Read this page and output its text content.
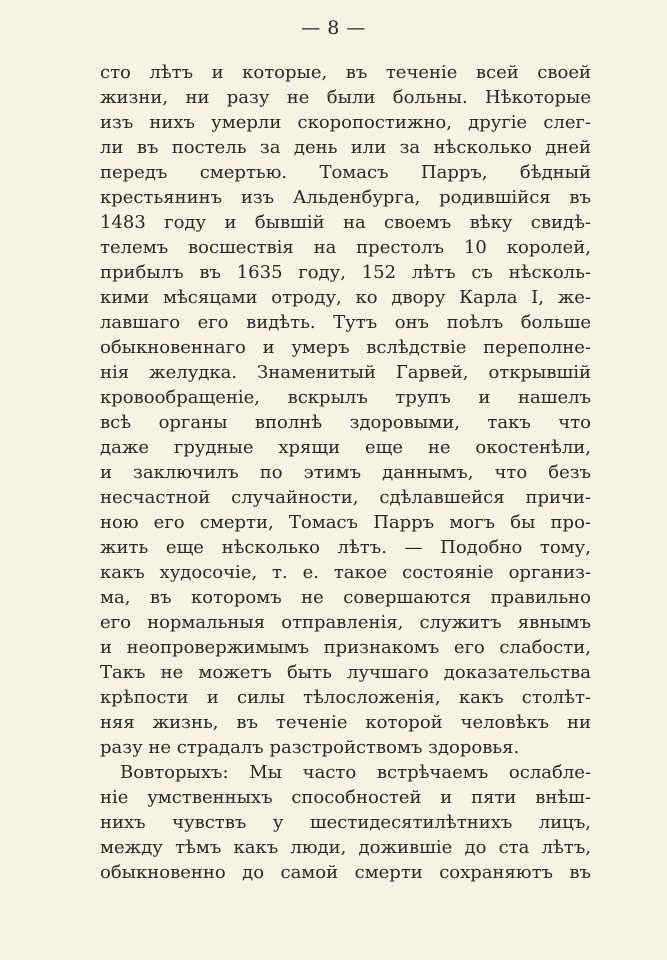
— 8 —
сто лѣтъ и которые, въ теченіе всей своей
жизни, ни разу не были больны. Нѣкоторые
изъ нихъ умерли скоропостижно, другіе слег-
ли въ постель за день или за нѣсколько дней
передъ смертью. Томасъ Парръ, бѣдный
крестьянинъ изъ Альденбурга, родившійся въ
1483 году и бывшій на своемъ вѣку свидѣ-
телемъ восшествія на престолъ 10 королей,
прибылъ въ 1635 году, 152 лѣтъ съ нѣсколь-
кими мѣсяцами отроду, ко двору Карла I, же-
лавшаго его видѣть. Тутъ онъ поѣлъ больше
обыкновеннаго и умеръ вслѣдствіе переполне-
нія желудка. Знаменитый Гарвей, открывшій
кровообращеніе, вскрылъ трупъ и нашелъ
всѣ органы вполнѣ здоровыми, такъ что
даже грудные хрящи еще не окостенѣли,
и заключилъ по этимъ даннымъ, что безъ
несчастной случайности, сдѣлавшейся причи-
ною его смерти, Томасъ Парръ могъ бы про-
жить еще нѣсколько лѣтъ. — Подобно тому,
какъ худосочіе, т. е. такое состояніе организ-
ма, въ которомъ не совершаются правильно
его нормальныя отправленія, служитъ явнымъ
и неопровержимымъ признакомъ его слабости,
Такъ не можетъ быть лучшаго доказательства
крѣпости и силы тѣлосложенія, какъ столѣт-
няя жизнь, въ теченіе которой человѣкъ ни
разу не страдалъ разстройствомъ здоровья.
Вовторыхъ: Мы часто встрѣчаемъ ослабле-
ніе умственныхъ способностей и пяти внѣш-
нихъ чувствъ у шестидесятилѣтнихъ лицъ,
между тѣмъ какъ люди, дожившіе до ста лѣтъ,
обыкновенно до самой смерти сохраняютъ въ
